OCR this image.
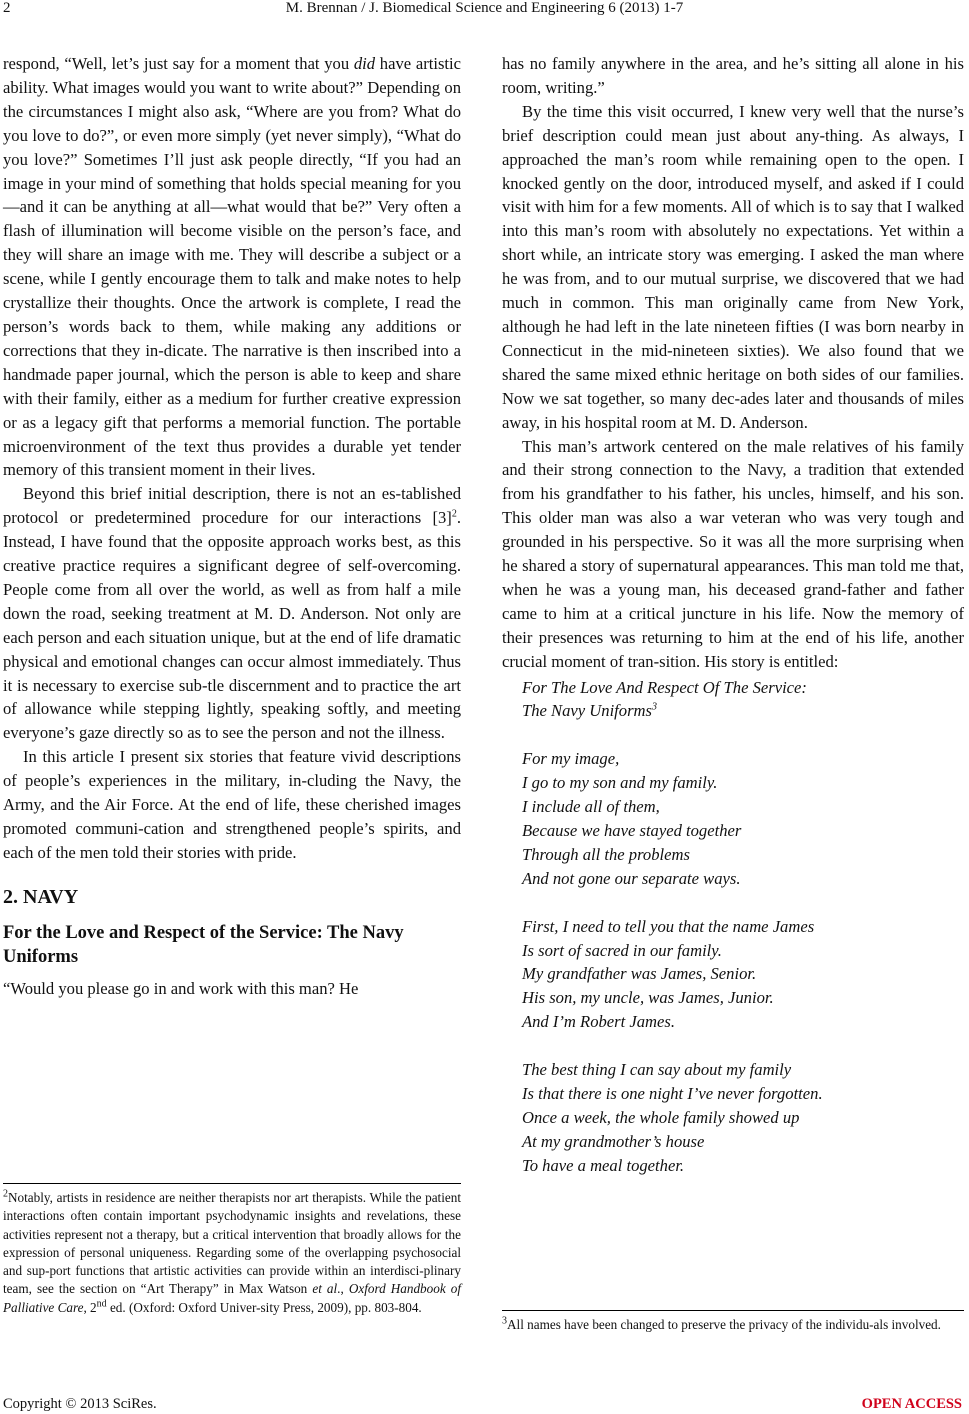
2	M. Brennan / J. Biomedical Science and Engineering 6 (2013) 1-7

respond, “Well, let’s just say for a moment that you did have artistic ability. What images would you want to write about?” Depending on the circumstances I might also ask, “Where are you from? What do you love to do?”, or even more simply (yet never simply), “What do you love?” Sometimes I’ll just ask people directly, “If you had an image in your mind of something that holds special meaning for you—and it can be anything at all—what would that be?” Very often a flash of illumination will become visible on the person’s face, and they will share an image with me. They will describe a subject or a scene, while I gently encourage them to talk and make notes to help crystallize their thoughts. Once the artwork is complete, I read the person’s words back to them, while making any additions or corrections that they in-dicate. The narrative is then inscribed into a handmade paper journal, which the person is able to keep and share with their family, either as a medium for further creative expression or as a legacy gift that performs a memorial function. The portable microenvironment of the text thus provides a durable yet tender memory of this transient moment in their lives.

Beyond this brief initial description, there is not an es-tablished protocol or predetermined procedure for our interactions $[3]^2$. Instead, I have found that the opposite approach works best, as this creative practice requires a significant degree of self-overcoming. People come from all over the world, as well as from half a mile down the road, seeking treatment at M. D. Anderson. Not only are each person and each situation unique, but at the end of life dramatic physical and emotional changes can occur almost immediately. Thus it is necessary to exercise sub-tle discernment and to practice the art of allowance while stepping lightly, speaking softly, and meeting everyone’s gaze directly so as to see the person and not the illness.

In this article I present six stories that feature vivid descriptions of people’s experiences in the military, in-cluding the Navy, the Army, and the Air Force. At the end of life, these cherished images promoted communi-cation and strengthened people’s spirits, and each of the men told their stories with pride.

2. NAVY
For the Love and Respect of the Service: The Navy Uniforms

“Would you please go in and work with this man? He

$^2$Notably, artists in residence are neither therapists nor art therapists. While the patient interactions often contain important psychodynamic insights and revelations, these activities represent not a therapy, but a critical intervention that broadly allows for the expression of personal uniqueness. Regarding some of the overlapping psychosocial and sup-port functions that artistic activities can provide within an interdisci-plinary team, see the section on “Art Therapy” in Max Watson et al., Oxford Handbook of Palliative Care, 2nd ed. (Oxford: Oxford Univer-sity Press, 2009), pp. 803-804.

has no family anywhere in the area, and he’s sitting all alone in his room, writing.”

By the time this visit occurred, I knew very well that the nurse’s brief description could mean just about any-thing. As always, I approached the man’s room while remaining open to the open. I knocked gently on the door, introduced myself, and asked if I could visit with him for a few moments. All of which is to say that I walked into this man’s room with absolutely no expectations. Yet within a short while, an intricate story was emerging. I asked the man where he was from, and to our mutual surprise, we discovered that we had much in common. This man originally came from New York, although he had left in the late nineteen fifties (I was born nearby in Connecticut in the mid-nineteen sixties). We also found that we shared the same mixed ethnic heritage on both sides of our families. Now we sat together, so many dec-ades later and thousands of miles away, in his hospital room at M. D. Anderson.

This man’s artwork centered on the male relatives of his family and their strong connection to the Navy, a tradition that extended from his grandfather to his father, his uncles, himself, and his son. This older man was also a war veteran who was very tough and grounded in his perspective. So it was all the more surprising when he shared a story of supernatural appearances. This man told me that, when he was a young man, his deceased grand-father and father came to him at a critical juncture in his life. Now the memory of their presences was returning to him at the end of his life, another crucial moment of tran-sition. His story is entitled:

For The Love And Respect Of The Service:
The Navy Uniforms$^3$
For my image,
I go to my son and my family.
I include all of them,
Because we have stayed together
Through all the problems
And not gone our separate ways.
First, I need to tell you that the name James
Is sort of sacred in our family.
My grandfather was James, Senior.
His son, my uncle, was James, Junior.
And I’m Robert James.
The best thing I can say about my family
Is that there is one night I’ve never forgotten.
Once a week, the whole family showed up
At my grandmother’s house
To have a meal together.
$^3$All names have been changed to preserve the privacy of the individu-als involved.
Copyright © 2013 SciRes.	OPEN ACCESS
